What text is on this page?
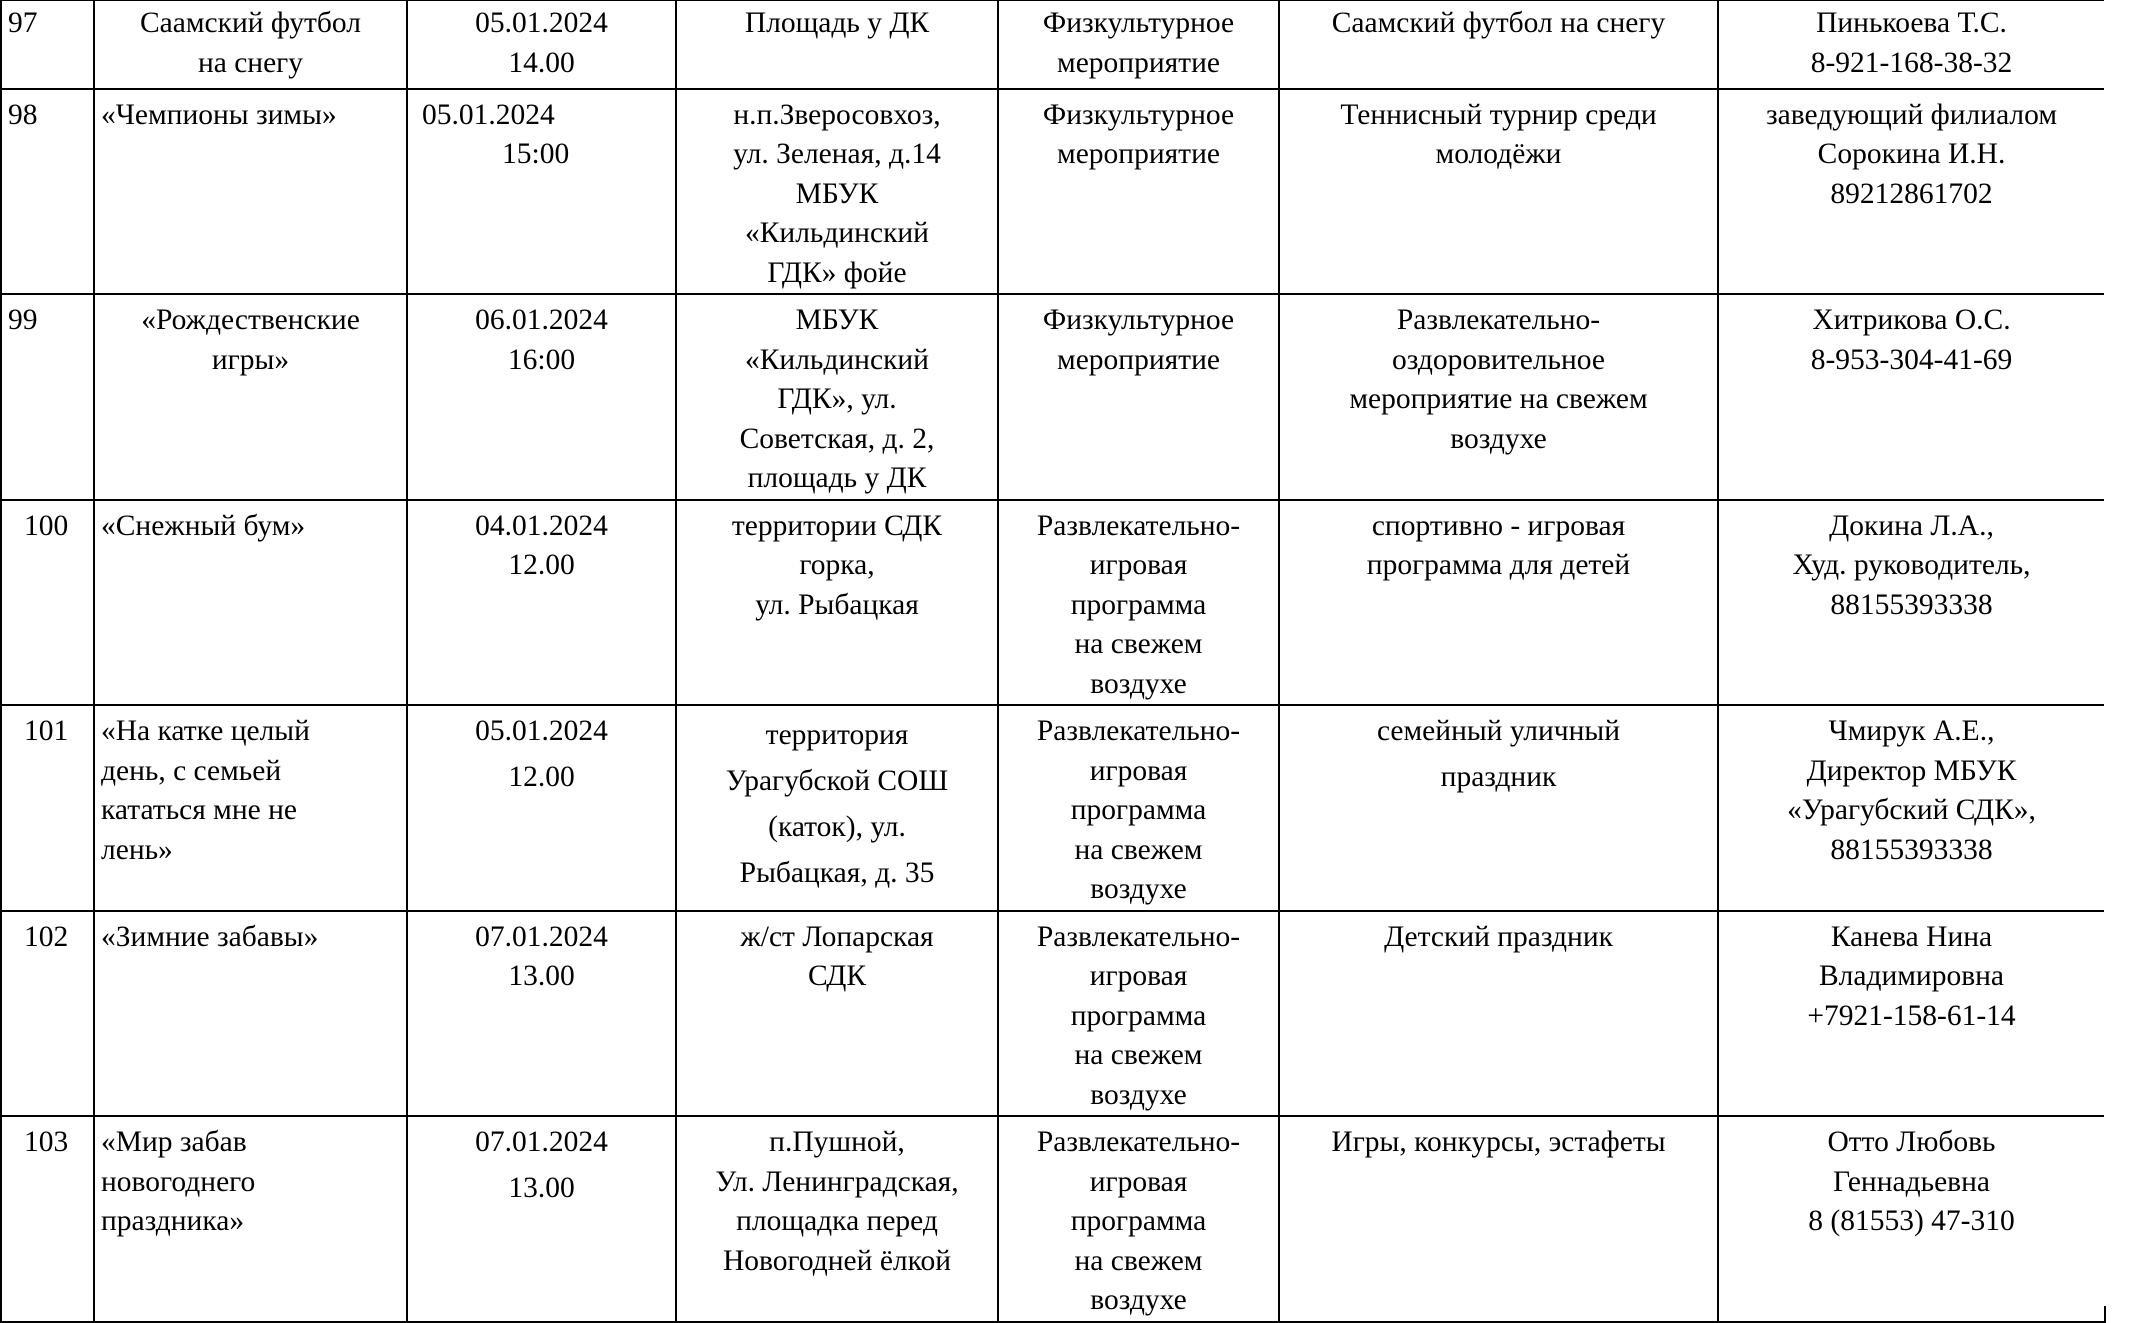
97	Саамский футбол
на снегу	05.01.2024
14.00	Площадь у ДК	Физкультурное
мероприятие	Саамский футбол на снегу	Пинькоева Т.С.
8-921-168-38-32

98	«Чемпионы зимы»	05.01.2024
15:00	н.п.Зверосовхоз,
ул. Зеленая, д.14
МБУК
«Кильдинский
ГДК» фойе	Физкультурное
мероприятие	Теннисный турнир среди
молодёжи	заведующий филиалом
Сорокина И.Н.
89212861702

99	«Рождественские
игры»	06.01.2024
16:00	МБУК
«Кильдинский
ГДК», ул.
Советская, д. 2,
площадь у ДК	Физкультурное
мероприятие	Развлекательно-
оздоровительное
мероприятие на свежем
воздухе	Хитрикова О.С.
8-953-304-41-69

100	«Снежный бум»	04.01.2024
12.00	территории СДК
горка,
ул. Рыбацкая	Развлекательно-
игровая
программа
на свежем
воздухе	спортивно - игровая
программа для детей	Докина Л.А.,
Худ. руководитель,
88155393338

101	«На катке целый
день, с семьей
кататься мне не
лень»	05.01.2024
12.00	территория
Урагубской СОШ
(каток), ул.
Рыбацкая, д. 35	Развлекательно-
игровая
программа
на свежем
воздухе	семейный уличный
праздник	Чмирук А.Е.,
Директор МБУК
«Урагубский СДК»,
88155393338

102	«Зимние забавы»	07.01.2024
13.00	ж/ст Лопарская
СДК	Развлекательно-
игровая
программа
на свежем
воздухе	Детский праздник	Канева Нина
Владимировна
+7921-158-61-14

103	«Мир забав
новогоднего
праздника»	07.01.2024
13.00	п.Пушной,
Ул. Ленинградская,
площадка перед
Новогодней ёлкой	Развлекательно-
игровая
программа
на свежем
воздухе	Игры, конкурсы, эстафеты	Отто Любовь
Геннадьевна
8 (81553) 47-310
